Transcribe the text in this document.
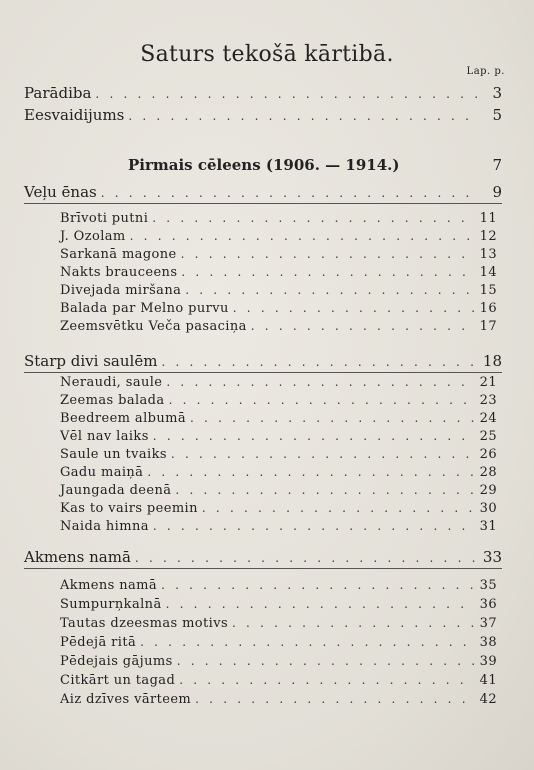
Saturs tekošā kārtibā.
Lap. p.
Parādiba . . .	3
Eesvaidijums . . .	5
Pirmais cēleens (1906. — 1914.)	7
Veļu ēnas . . .	9
Brīvoti putni . . .	11
J. Ozolam . . .	12
Sarkanā magone . . .	13
Nakts brauceens . . .	14
Divejada miršana . . .	15
Balada par Melno purvu . . .	16
Zeemsvētku Veča pasaciņa . . .	17
Starp divi saulēm . . .	18
Neraudi, saule . . .	21
Zeemas balada . . .	23
Beedreem albumā . . .	24
Vēl nav laiks . . .	25
Saule un tvaiks . . .	26
Gadu maiņā . . .	28
Jaungada deenā . . .	29
Kas to vairs peemin . . .	30
Naida himna . . .	31
Akmens namā . . .	33
Akmens namā . . .	35
Sumpurņkalnā . . .	36
Tautas dzeesmas motivs . . .	37
Pēdejā ritā . . .	38
Pēdejais gājums . . .	39
Citkārt un tagad . . .	41
Aiz dzīves vārteem . . .	42
